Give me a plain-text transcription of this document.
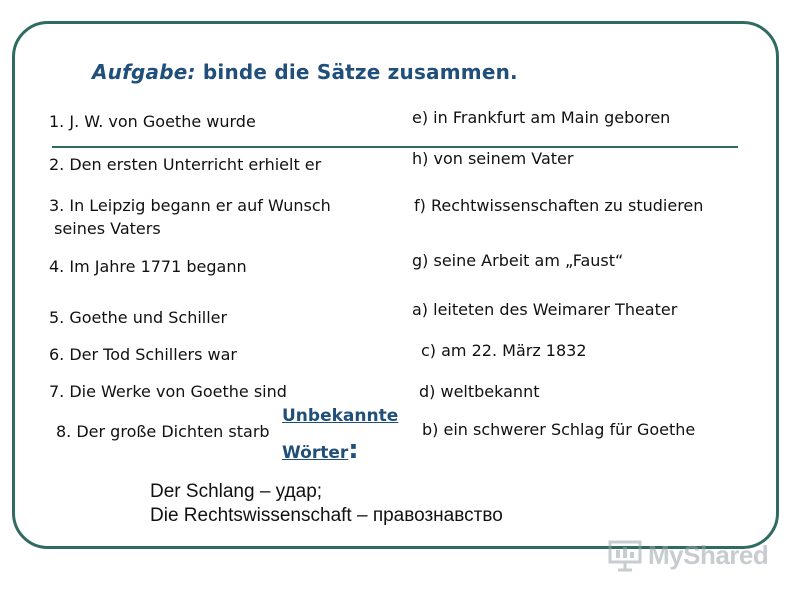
Aufgabe: binde die Sätze zusammen.
1. J. W. von Goethe wurde
2. Den ersten Unterricht erhielt er
3. In Leipzig begann er auf Wunsch
seines Vaters
4. Im Jahre 1771 begann
5. Goethe und Schiller
6. Der Tod Schillers war
7. Die Werke von Goethe sind
8. Der große Dichten starb
e) in Frankfurt am Main geboren
h) von seinem Vater
f) Rechtwissenschaften zu studieren
g) seine Arbeit am „Faust“
a) leiteten des Weimarer Theater
c) am 22. März 1832
d) weltbekannt
b) ein schwerer Schlag für Goethe
Unbekannte
Wörter:
Der Schlang – удар;
Die Rechtswissenschaft – правознавство
MyShared
